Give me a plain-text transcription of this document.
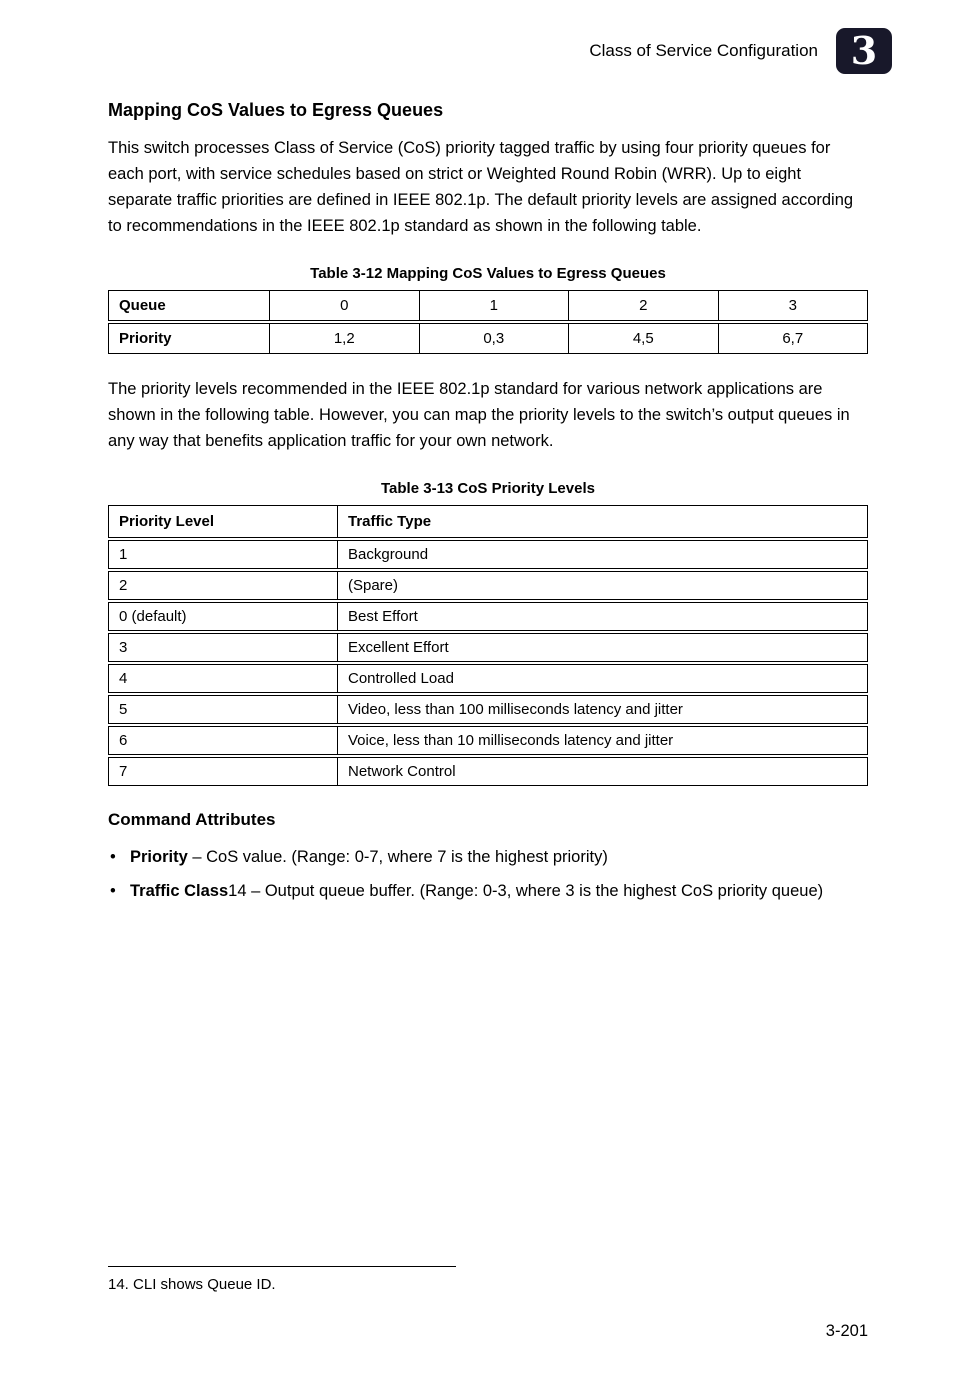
Class of Service Configuration 3
Mapping CoS Values to Egress Queues

This switch processes Class of Service (CoS) priority tagged traffic by using four priority queues for each port, with service schedules based on strict or Weighted Round Robin (WRR). Up to eight separate traffic priorities are defined in IEEE 802.1p. The default priority levels are assigned according to recommendations in the IEEE 802.1p standard as shown in the following table.

Table 3-12 Mapping CoS Values to Egress Queues
Queue	0	1	2	3
Priority	1,2	0,3	4,5	6,7

The priority levels recommended in the IEEE 802.1p standard for various network applications are shown in the following table. However, you can map the priority levels to the switch’s output queues in any way that benefits application traffic for your own network.

Table 3-13 CoS Priority Levels
Priority Level	Traffic Type
1	Background
2	(Spare)
0 (default)	Best Effort
3	Excellent Effort
4	Controlled Load
5	Video, less than 100 milliseconds latency and jitter
6	Voice, less than 10 milliseconds latency and jitter
7	Network Control
Command Attributes
• Priority – CoS value. (Range: 0-7, where 7 is the highest priority)
• Traffic Class14 – Output queue buffer. (Range: 0-3, where 3 is the highest CoS priority queue)
14. CLI shows Queue ID.
3-201
